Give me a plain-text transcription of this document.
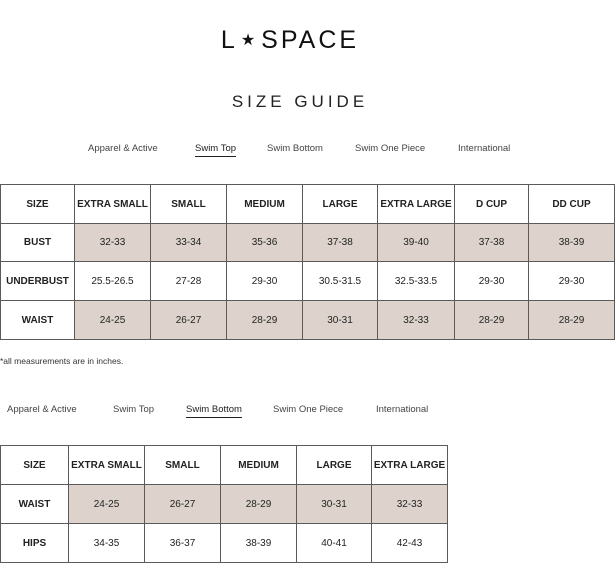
L ★ SPACE
SIZE GUIDE
Apparel & Active	Swim Top	Swim Bottom	Swim One Piece	International
SIZE	EXTRA SMALL	SMALL	MEDIUM	LARGE	EXTRA LARGE	D CUP	DD CUP
BUST	32-33	33-34	35-36	37-38	39-40	37-38	38-39
UNDERBUST	25.5-26.5	27-28	29-30	30.5-31.5	32.5-33.5	29-30	29-30
WAIST	24-25	26-27	28-29	30-31	32-33	28-29	28-29
*all measurements are in inches.
Apparel & Active	Swim Top	Swim Bottom	Swim One Piece	International
SIZE	EXTRA SMALL	SMALL	MEDIUM	LARGE	EXTRA LARGE
WAIST	24-25	26-27	28-29	30-31	32-33
HIPS	34-35	36-37	38-39	40-41	42-43
